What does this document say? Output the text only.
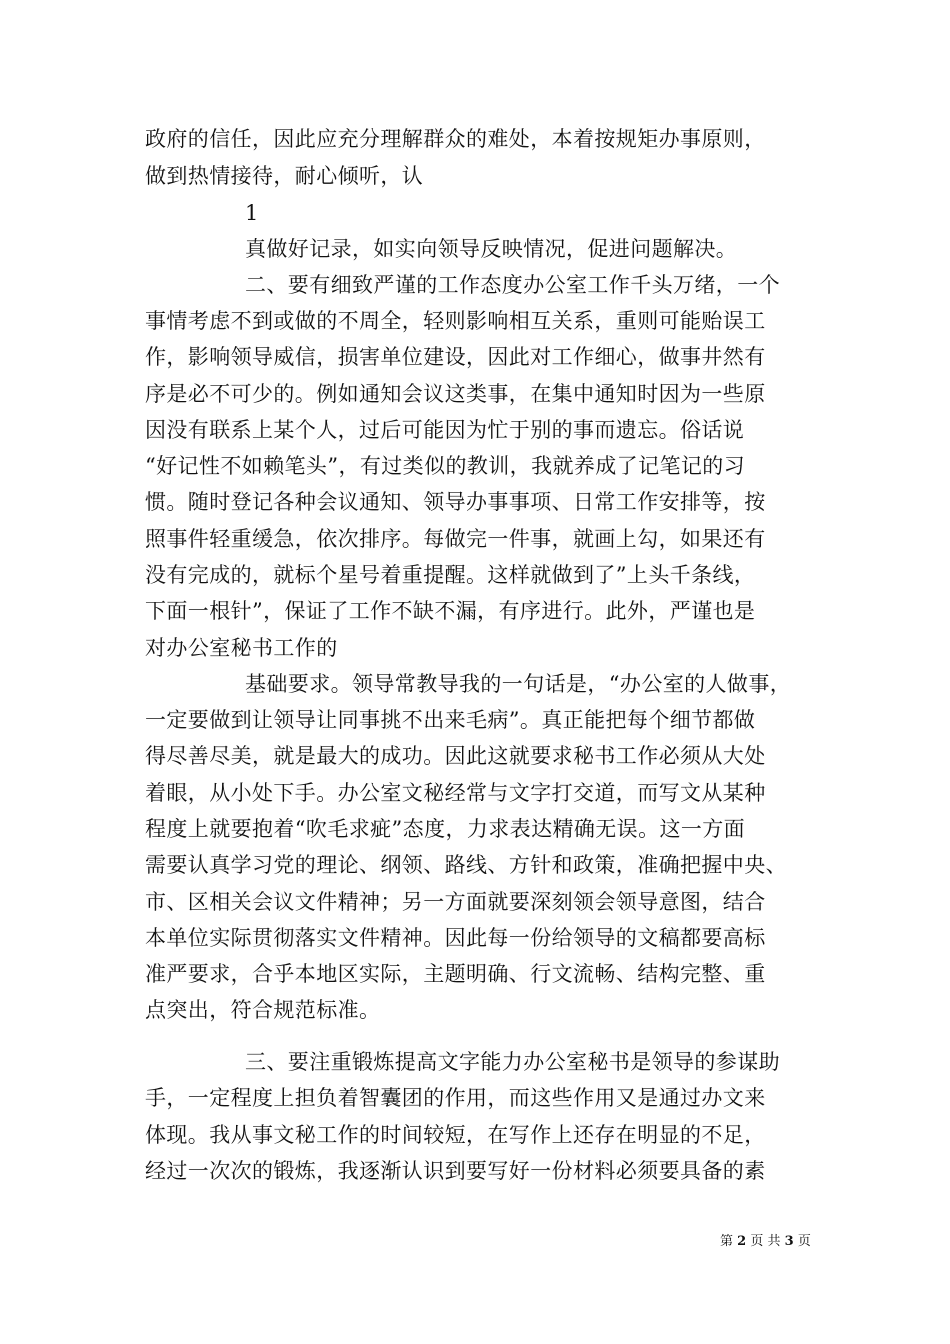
政府的信任，因此应充分理解群众的难处，本着按规矩办事原则，
做到热情接待，耐心倾听，认
1
真做好记录，如实向领导反映情况，促进问题解决。
二、要有细致严谨的工作态度办公室工作千头万绪，一个
事情考虑不到或做的不周全，轻则影响相互关系，重则可能贻误工
作，影响领导威信，损害单位建设，因此对工作细心，做事井然有
序是必不可少的。例如通知会议这类事，在集中通知时因为一些原
因没有联系上某个人，过后可能因为忙于别的事而遗忘。俗话说
“好记性不如赖笔头”，有过类似的教训，我就养成了记笔记的习
惯。随时登记各种会议通知、领导办事事项、日常工作安排等，按
照事件轻重缓急，依次排序。每做完一件事，就画上勾，如果还有
没有完成的，就标个星号着重提醒。这样就做到了”上头千条线，
下面一根针”，保证了工作不缺不漏，有序进行。此外，严谨也是
对办公室秘书工作的
基础要求。领导常教导我的一句话是，“办公室的人做事，
一定要做到让领导让同事挑不出来毛病”。真正能把每个细节都做
得尽善尽美，就是最大的成功。因此这就要求秘书工作必须从大处
着眼，从小处下手。办公室文秘经常与文字打交道，而写文从某种
程度上就要抱着“吹毛求疵”态度，力求表达精确无误。这一方面
需要认真学习党的理论、纲领、路线、方针和政策，准确把握中央、
市、区相关会议文件精神；另一方面就要深刻领会领导意图，结合
本单位实际贯彻落实文件精神。因此每一份给领导的文稿都要高标
准严要求，合乎本地区实际，主题明确、行文流畅、结构完整、重
点突出，符合规范标准。
三、要注重锻炼提高文字能力办公室秘书是领导的参谋助
手，一定程度上担负着智囊团的作用，而这些作用又是通过办文来
体现。我从事文秘工作的时间较短，在写作上还存在明显的不足，
经过一次次的锻炼，我逐渐认识到要写好一份材料必须要具备的素
第 2 页 共 3 页
